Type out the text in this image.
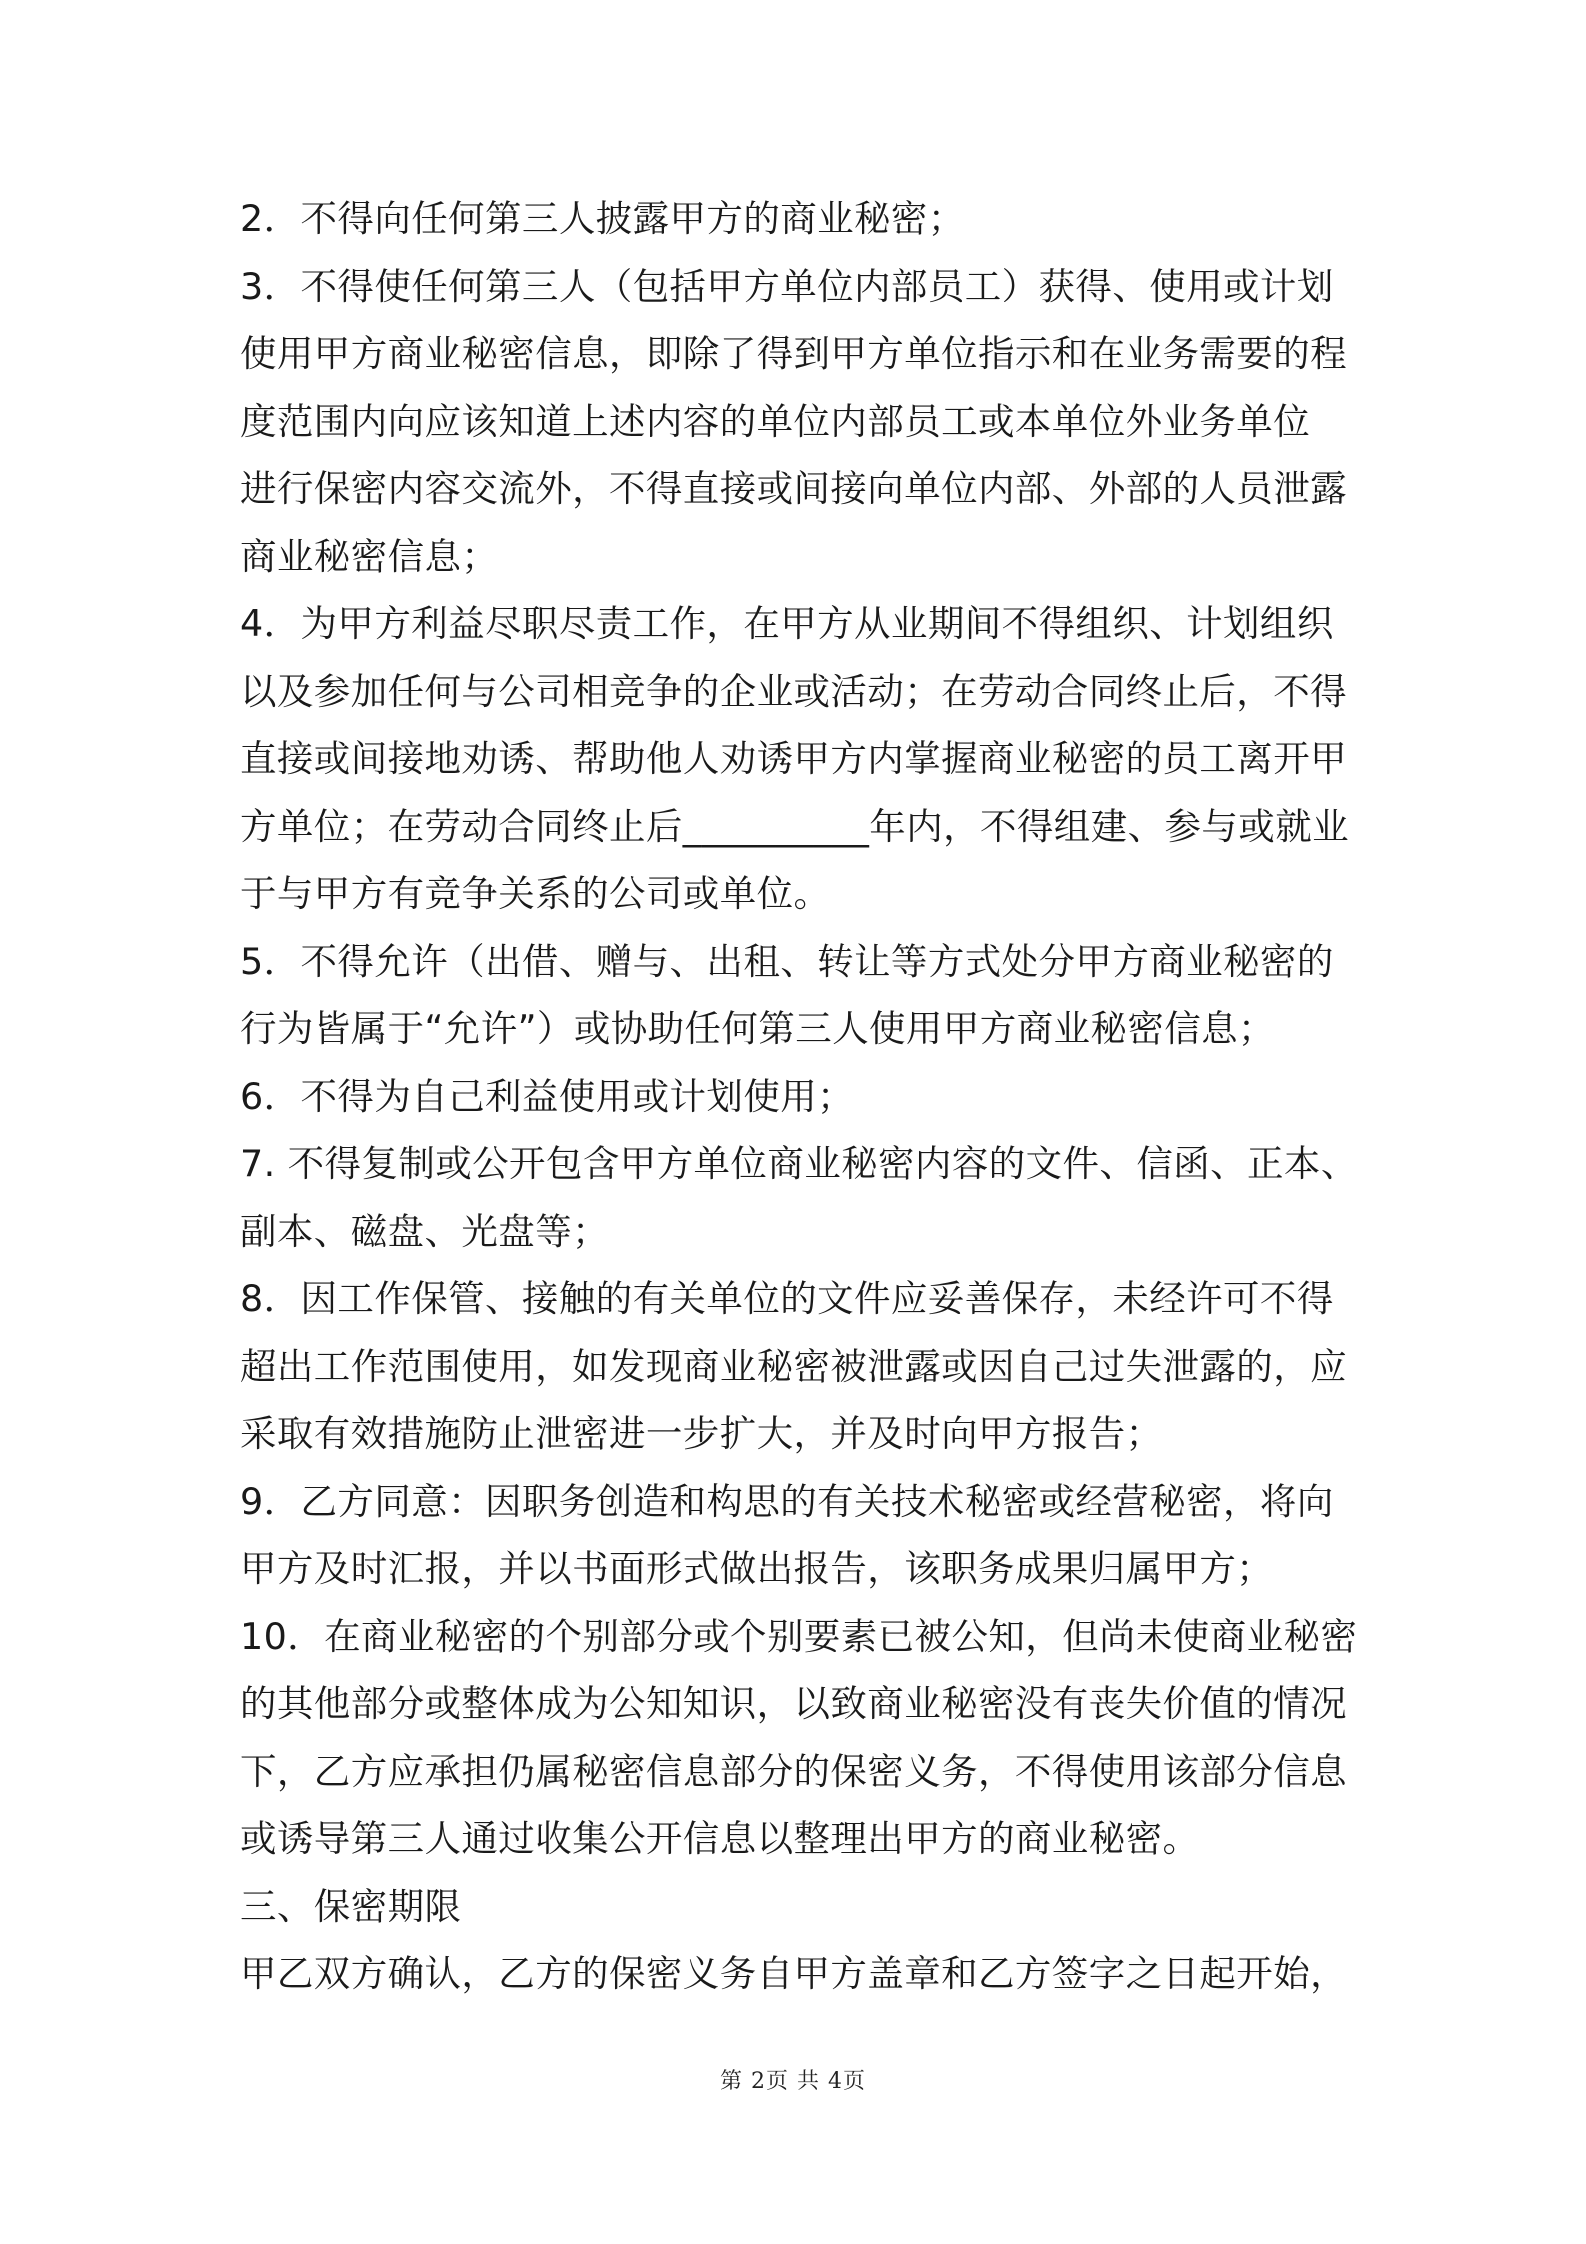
2．不得向任何第三人披露甲方的商业秘密；
3．不得使任何第三人（包括甲方单位内部员工）获得、使用或计划
使用甲方商业秘密信息，即除了得到甲方单位指示和在业务需要的程
度范围内向应该知道上述内容的单位内部员工或本单位外业务单位
进行保密内容交流外，不得直接或间接向单位内部、外部的人员泄露
商业秘密信息；
4．为甲方利益尽职尽责工作，在甲方从业期间不得组织、计划组织
以及参加任何与公司相竞争的企业或活动；在劳动合同终止后，不得
直接或间接地劝诱、帮助他人劝诱甲方内掌握商业秘密的员工离开甲
方单位；在劳动合同终止后__________年内，不得组建、参与或就业
于与甲方有竞争关系的公司或单位。
5．不得允许（出借、赠与、出租、转让等方式处分甲方商业秘密的
行为皆属于“允许”）或协助任何第三人使用甲方商业秘密信息；
6．不得为自己利益使用或计划使用；
7. 不得复制或公开包含甲方单位商业秘密内容的文件、信函、正本、
副本、磁盘、光盘等；
8．因工作保管、接触的有关单位的文件应妥善保存，未经许可不得
超出工作范围使用，如发现商业秘密被泄露或因自己过失泄露的，应
采取有效措施防止泄密进一步扩大，并及时向甲方报告；
9．乙方同意：因职务创造和构思的有关技术秘密或经营秘密，将向
甲方及时汇报，并以书面形式做出报告，该职务成果归属甲方；
10．在商业秘密的个别部分或个别要素已被公知，但尚未使商业秘密
的其他部分或整体成为公知知识，以致商业秘密没有丧失价值的情况
下，乙方应承担仍属秘密信息部分的保密义务，不得使用该部分信息
或诱导第三人通过收集公开信息以整理出甲方的商业秘密。
三、保密期限
甲乙双方确认，乙方的保密义务自甲方盖章和乙方签字之日起开始，
第 2页 共 4页
